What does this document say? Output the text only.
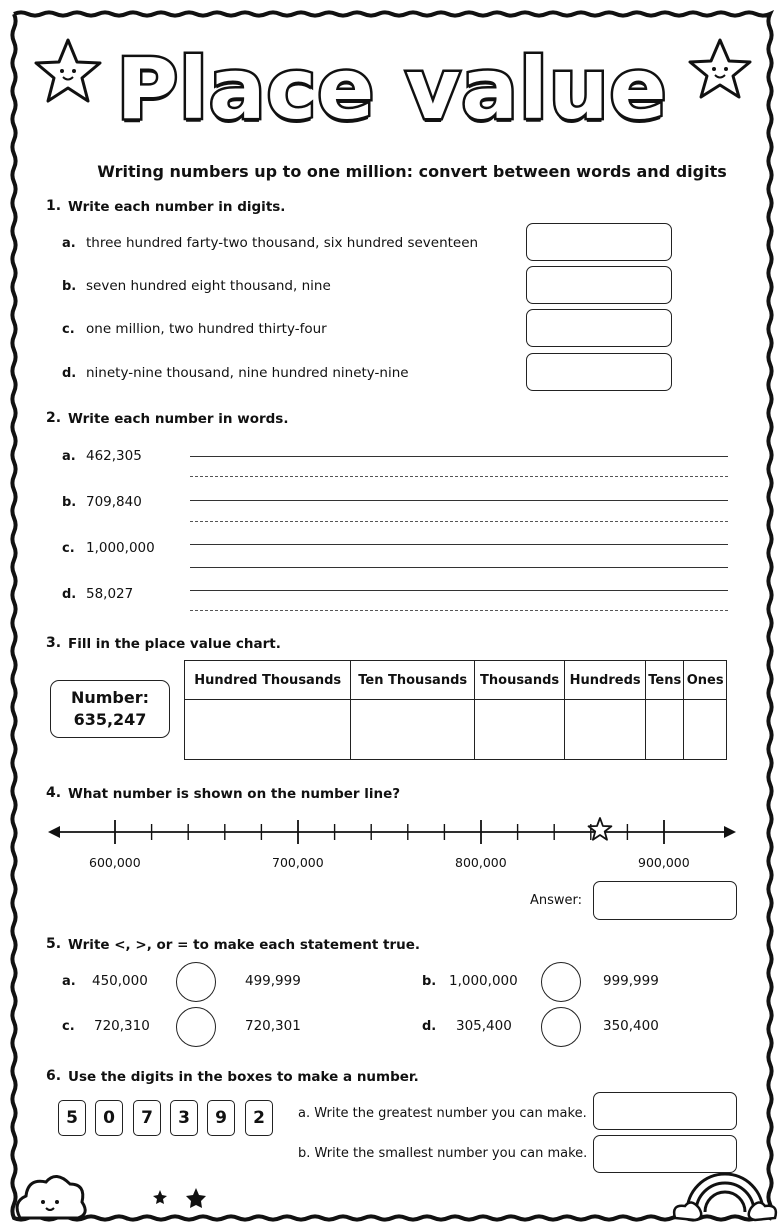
Place value
Writing numbers up to one million: convert between words and digits
1. Write each number in digits.
a. three hundred farty-two thousand, six hundred seventeen
b. seven hundred eight thousand, nine
c. one million, two hundred thirty-four
d. ninety-nine thousand, nine hundred ninety-nine
2. Write each number in words.
a. 462,305
b. 709,840
c. 1,000,000
d. 58,027
3. Fill in the place value chart.
Number:
635,247
Hundred Thousands	Ten Thousands	Thousands	Hundreds	Tens	Ones

4. What number is shown on the number line?
600,000	700,000	800,000	900,000
Answer:
5. Write <, >, or = to make each statement true.
a. 450,000	499,999	b. 1,000,000	999,999
c. 720,310	720,301	d. 305,400	350,400
6. Use the digits in the boxes to make a number.
5	0	7	3	9	2	a. Write the greatest number you can make.
b. Write the smallest number you can make.
